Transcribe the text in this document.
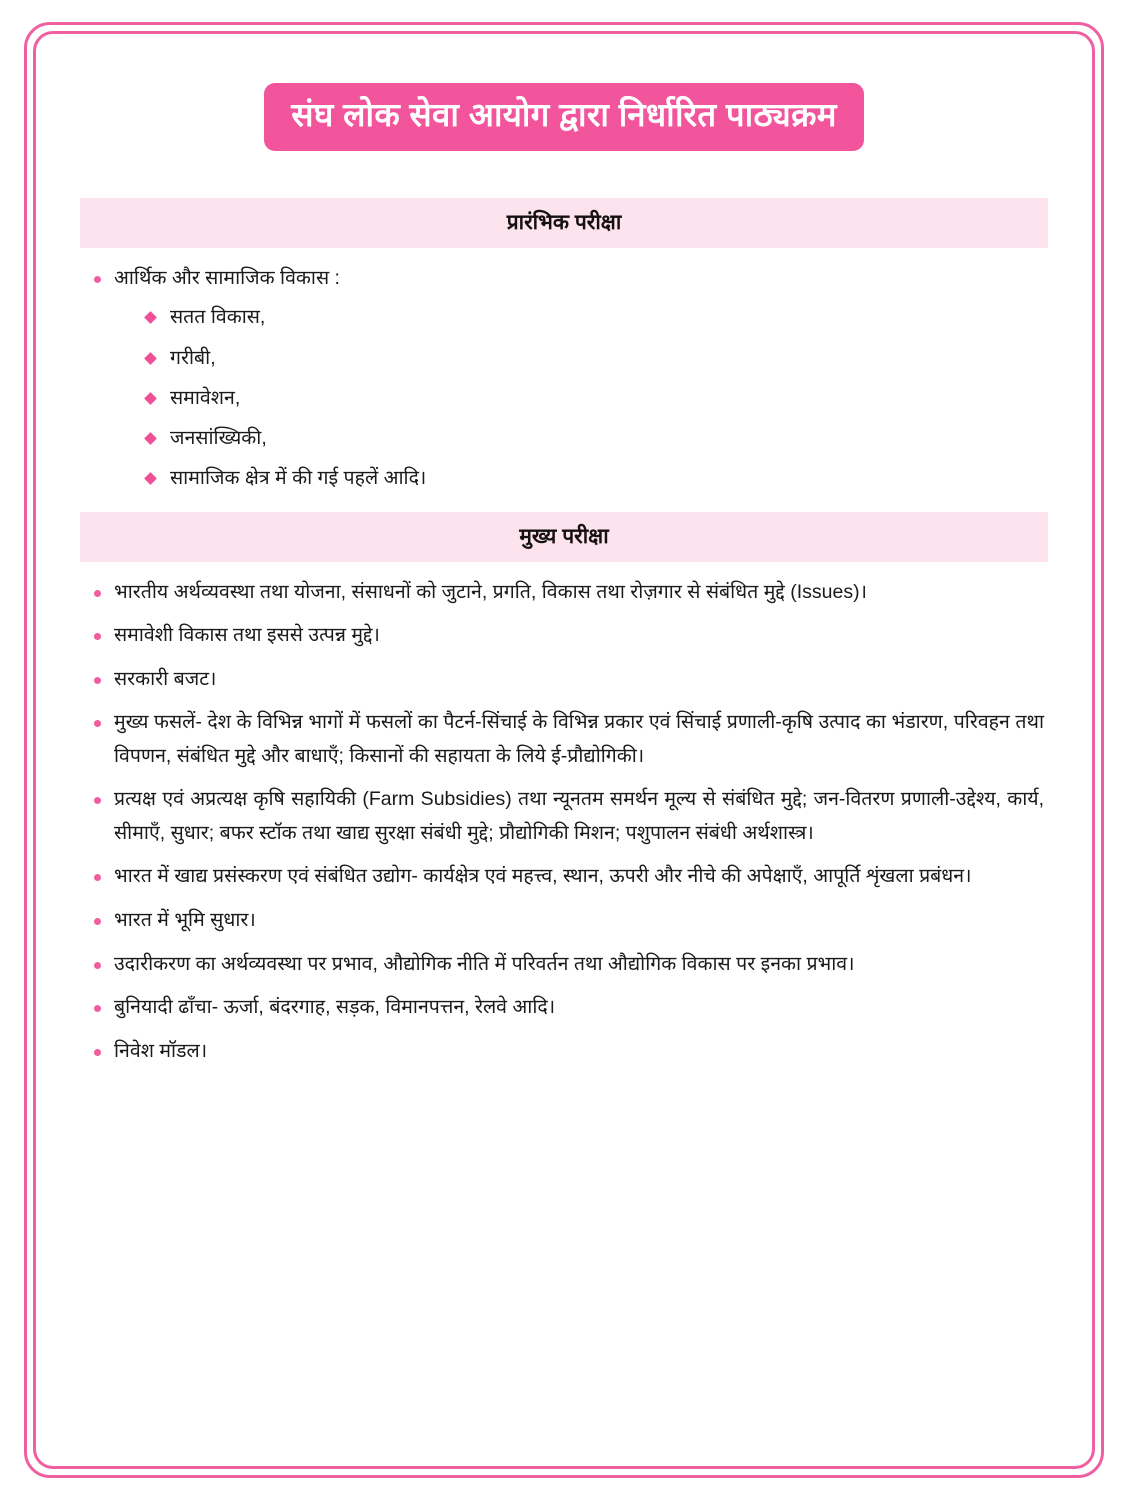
संघ लोक सेवा आयोग द्वारा निर्धारित पाठ्यक्रम
प्रारंभिक परीक्षा
आर्थिक और सामाजिक विकास :
सतत विकास,
गरीबी,
समावेशन,
जनसांख्यिकी,
सामाजिक क्षेत्र में की गई पहलें आदि।
मुख्य परीक्षा
भारतीय अर्थव्यवस्था तथा योजना, संसाधनों को जुटाने, प्रगति, विकास तथा रोज़गार से संबंधित मुद्दे (Issues)।
समावेशी विकास तथा इससे उत्पन्न मुद्दे।
सरकारी बजट।
मुख्य फसलें- देश के विभिन्न भागों में फसलों का पैटर्न-सिंचाई के विभिन्न प्रकार एवं सिंचाई प्रणाली-कृषि उत्पाद का भंडारण, परिवहन तथा विपणन, संबंधित मुद्दे और बाधाएँ; किसानों की सहायता के लिये ई-प्रौद्योगिकी।
प्रत्यक्ष एवं अप्रत्यक्ष कृषि सहायिकी (Farm Subsidies) तथा न्यूनतम समर्थन मूल्य से संबंधित मुद्दे; जन-वितरण प्रणाली-उद्देश्य, कार्य, सीमाएँ, सुधार; बफर स्टॉक तथा खाद्य सुरक्षा संबंधी मुद्दे; प्रौद्योगिकी मिशन; पशुपालन संबंधी अर्थशास्त्र।
भारत में खाद्य प्रसंस्करण एवं संबंधित उद्योग- कार्यक्षेत्र एवं महत्त्व, स्थान, ऊपरी और नीचे की अपेक्षाएँ, आपूर्ति शृंखला प्रबंधन।
भारत में भूमि सुधार।
उदारीकरण का अर्थव्यवस्था पर प्रभाव, औद्योगिक नीति में परिवर्तन तथा औद्योगिक विकास पर इनका प्रभाव।
बुनियादी ढाँचा- ऊर्जा, बंदरगाह, सड़क, विमानपत्तन, रेलवे आदि।
निवेश मॉडल।
